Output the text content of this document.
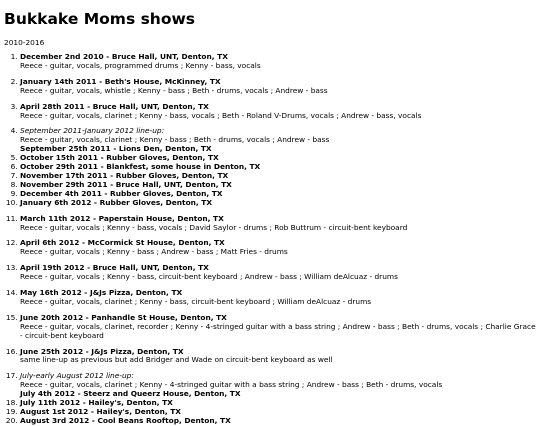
Bukkake Moms shows
2010-2016
1. December 2nd 2010 - Bruce Hall, UNT, Denton, TX
Reece - guitar, vocals, programmed drums ; Kenny - bass, vocals
2. January 14th 2011 - Beth's House, McKinney, TX
Reece - guitar, vocals, whistle ; Kenny - bass ; Beth - drums, vocals ; Andrew - bass
3. April 28th 2011 - Bruce Hall, UNT, Denton, TX
Reece - guitar, vocals, clarinet ; Kenny - bass, vocals ; Beth - Roland V-Drums, vocals ; Andrew - bass, vocals
4. September 2011-January 2012 line-up:
Reece - guitar, vocals, clarinet ; Kenny - bass ; Beth - drums, vocals ; Andrew - bass
September 25th 2011 - Lions Den, Denton, TX
5. October 15th 2011 - Rubber Gloves, Denton, TX
6. October 29th 2011 - Blankfest, some house in Denton, TX
7. November 17th 2011 - Rubber Gloves, Denton, TX
8. November 29th 2011 - Bruce Hall, UNT, Denton, TX
9. December 4th 2011 - Rubber Gloves, Denton, TX
10. January 6th 2012 - Rubber Gloves, Denton, TX
11. March 11th 2012 - Paperstain House, Denton, TX
Reece - guitar, vocals ; Kenny - bass, vocals ; David Saylor - drums ; Rob Buttrum - circuit-bent keyboard
12. April 6th 2012 - McCormick St House, Denton, TX
Reece - guitar, vocals ; Kenny - bass ; Andrew - bass ; Matt Fries - drums
13. April 19th 2012 - Bruce Hall, UNT, Denton, TX
Reece - guitar, vocals ; Kenny - bass, circuit-bent keyboard ; Andrew - bass ; William deAlcuaz - drums
14. May 16th 2012 - J&Js Pizza, Denton, TX
Reece - guitar, vocals, clarinet ; Kenny - bass, circuit-bent keyboard ; William deAlcuaz - drums
15. June 20th 2012 - Panhandle St House, Denton, TX
Reece - guitar, vocals, clarinet, recorder ; Kenny - 4-stringed guitar with a bass string ; Andrew - bass ; Beth - drums, vocals ; Charlie Grace - circuit-bent keyboard
16. June 25th 2012 - J&Js Pizza, Denton, TX
same line-up as previous but add Bridger and Wade on circuit-bent keyboard as well
17. July-early August 2012 line-up:
Reece - guitar, vocals, clarinet ; Kenny - 4-stringed guitar with a bass string ; Andrew - bass ; Beth - drums, vocals
July 4th 2012 - Steerz and Queerz House, Denton, TX
18. July 11th 2012 - Hailey's, Denton, TX
19. August 1st 2012 - Hailey's, Denton, TX
20. August 3rd 2012 - Cool Beans Rooftop, Denton, TX
